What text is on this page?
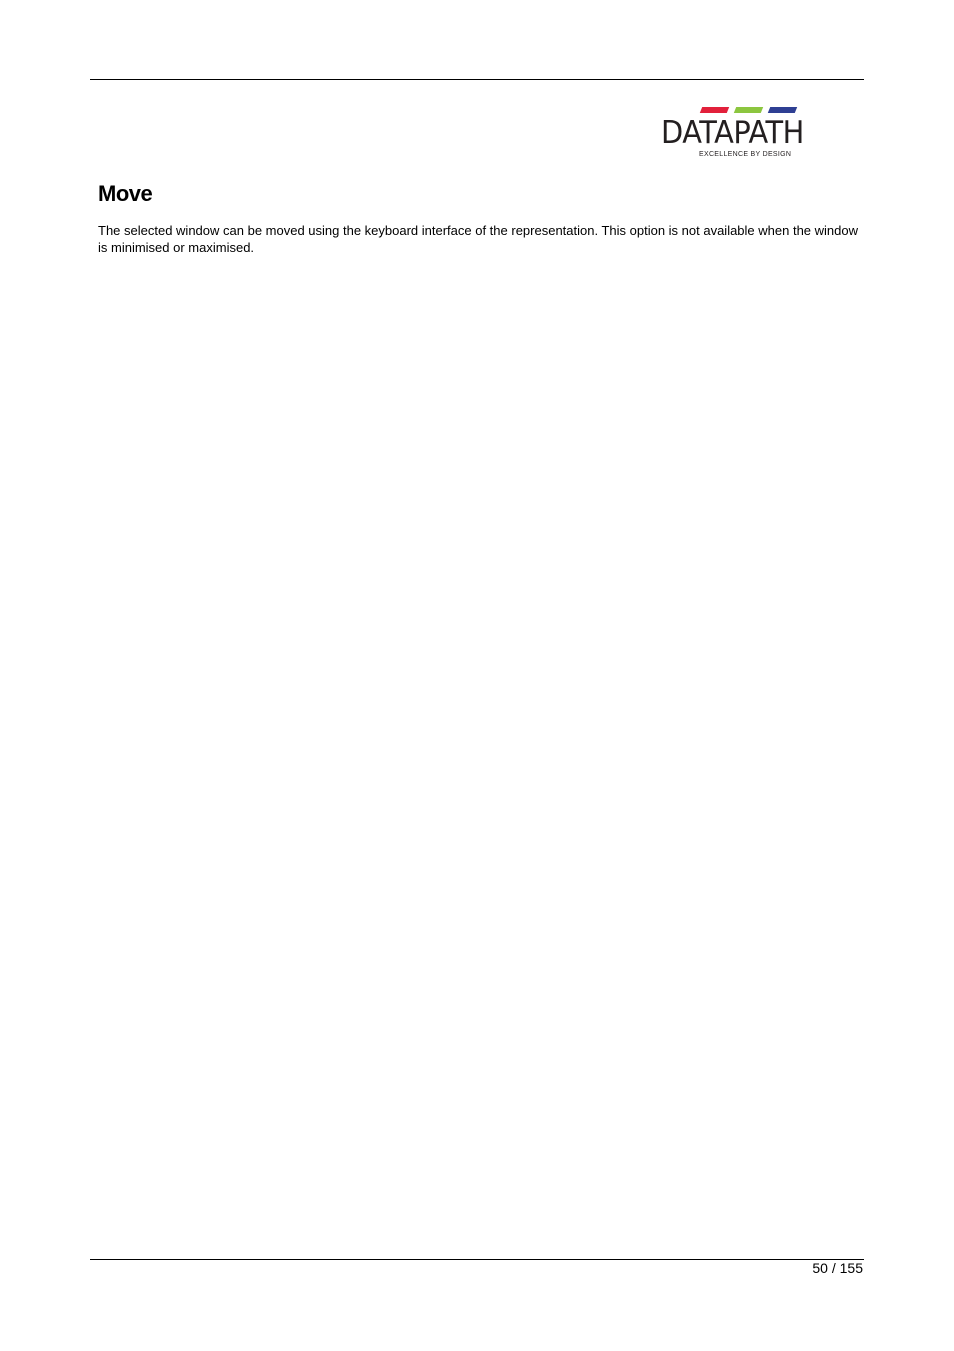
DATAPATH
EXCELLENCE BY DESIGN
Move

The selected window can be moved using the keyboard interface of the representation. This option is not available when the window is minimised or maximised.

50 / 155
